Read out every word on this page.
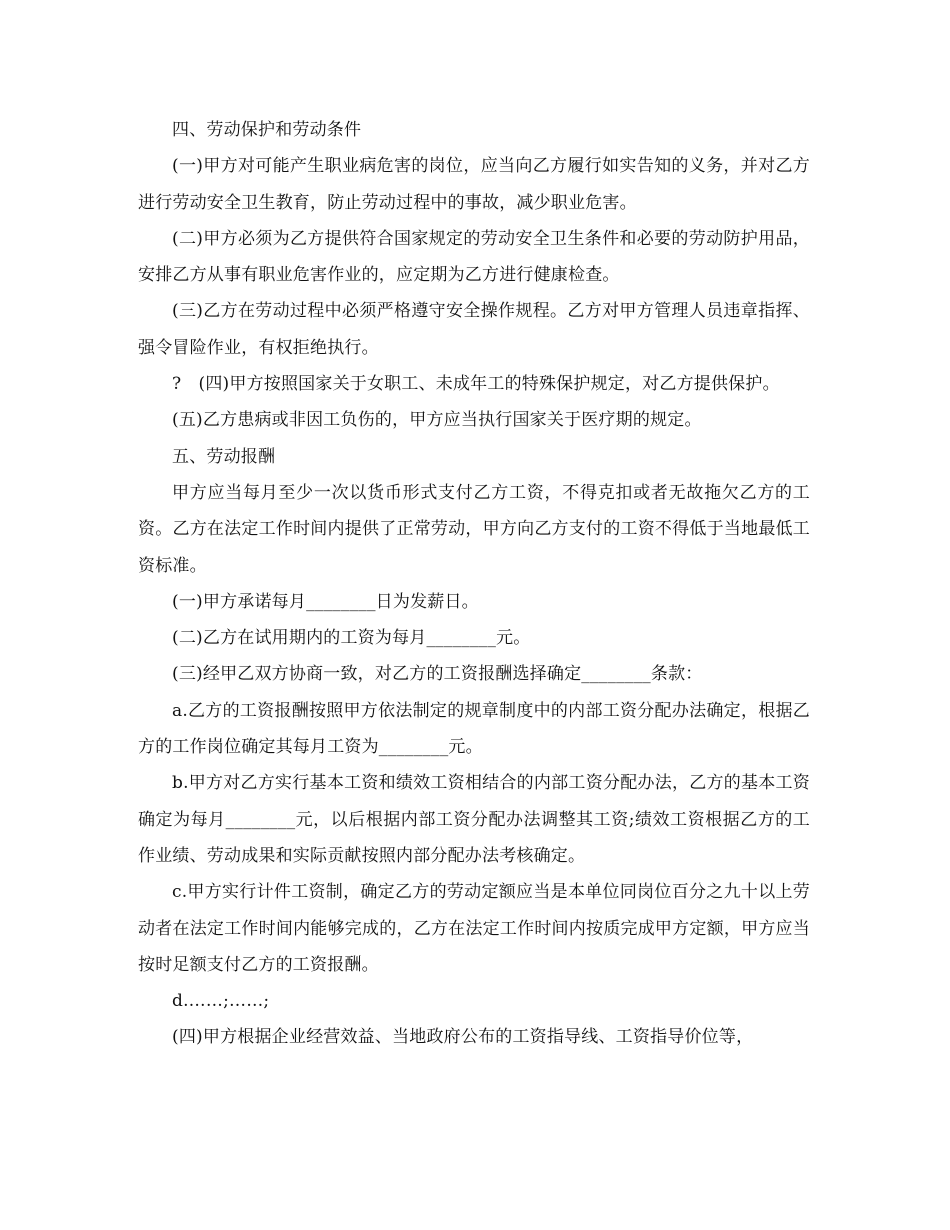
四、劳动保护和劳动条件

(一)甲方对可能产生职业病危害的岗位，应当向乙方履行如实告知的义务，并对乙方进行劳动安全卫生教育，防止劳动过程中的事故，减少职业危害。

(二)甲方必须为乙方提供符合国家规定的劳动安全卫生条件和必要的劳动防护用品，安排乙方从事有职业危害作业的，应定期为乙方进行健康检查。

(三)乙方在劳动过程中必须严格遵守安全操作规程。乙方对甲方管理人员违章指挥、强令冒险作业，有权拒绝执行。

?　(四)甲方按照国家关于女职工、未成年工的特殊保护规定，对乙方提供保护。

(五)乙方患病或非因工负伤的，甲方应当执行国家关于医疗期的规定。

五、劳动报酬

甲方应当每月至少一次以货币形式支付乙方工资，不得克扣或者无故拖欠乙方的工资。乙方在法定工作时间内提供了正常劳动，甲方向乙方支付的工资不得低于当地最低工资标准。

(一)甲方承诺每月________日为发薪日。

(二)乙方在试用期内的工资为每月________元。

(三)经甲乙双方协商一致，对乙方的工资报酬选择确定________条款：

a.乙方的工资报酬按照甲方依法制定的规章制度中的内部工资分配办法确定，根据乙方的工作岗位确定其每月工资为________元。

b.甲方对乙方实行基本工资和绩效工资相结合的内部工资分配办法，乙方的基本工资确定为每月________元，以后根据内部工资分配办法调整其工资;绩效工资根据乙方的工作业绩、劳动成果和实际贡献按照内部分配办法考核确定。

c.甲方实行计件工资制，确定乙方的劳动定额应当是本单位同岗位百分之九十以上劳动者在法定工作时间内能够完成的，乙方在法定工作时间内按质完成甲方定额，甲方应当按时足额支付乙方的工资报酬。

d.……;……;

(四)甲方根据企业经营效益、当地政府公布的工资指导线、工资指导价位等，
